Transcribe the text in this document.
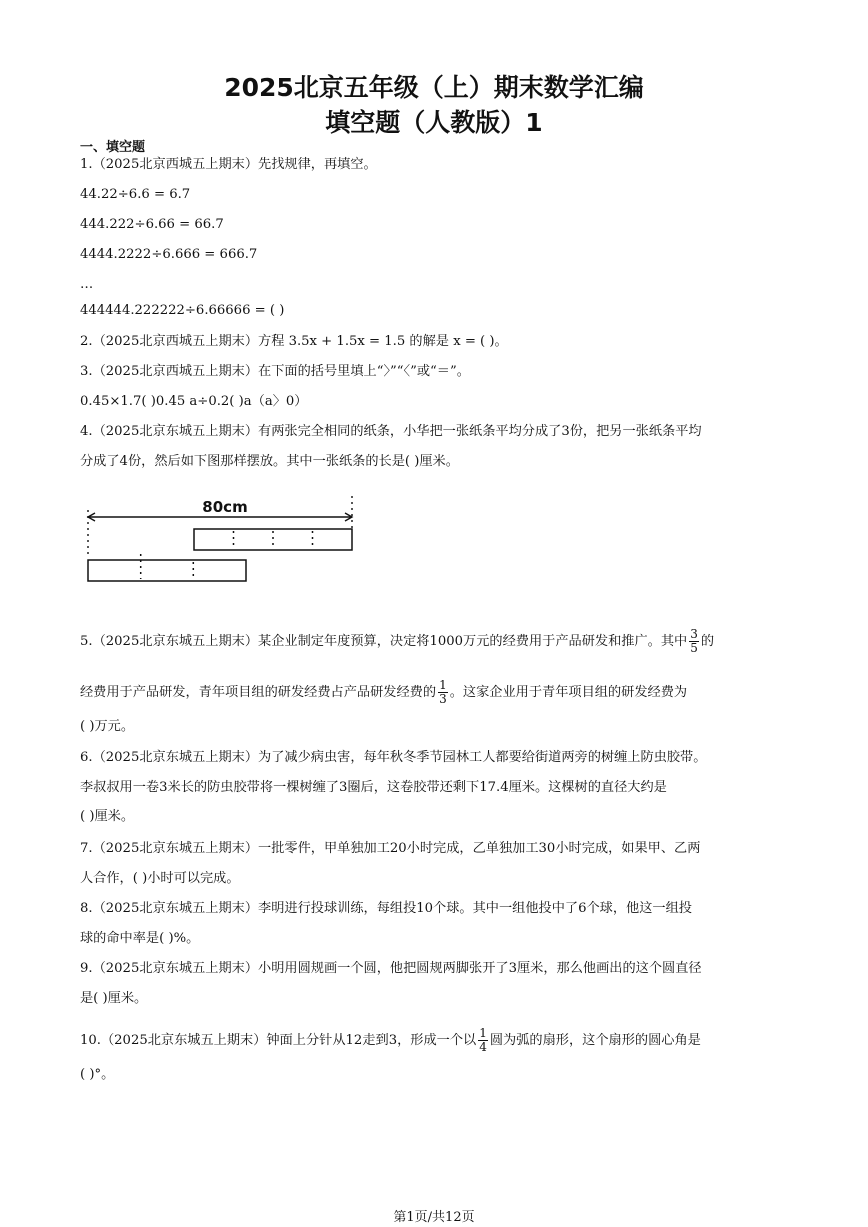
2025北京五年级（上）期末数学汇编
填空题（人教版）1
一、填空题
1.（2025北京西城五上期末）先找规律，再填空。
44.22÷6.6 = 6.7
444.222÷6.66 = 66.7
4444.2222÷6.666 = 666.7
…
444444.222222÷6.66666 = ( )
2.（2025北京西城五上期末）方程 3.5x + 1.5x = 1.5 的解是 x = ( )。
3.（2025北京西城五上期末）在下面的括号里填上“〉”“〈”或“＝”。
0.45×1.7( )0.45 a÷0.2( )a（a〉0）
4.（2025北京东城五上期末）有两张完全相同的纸条，小华把一张纸条平均分成了3份，把另一张纸条平均
分成了4份，然后如下图那样摆放。其中一张纸条的长是( )厘米。
80cm
5.（2025北京东城五上期末）某企业制定年度预算，决定将1000万元的经费用于产品研发和推广。其中 $\frac{3}{5}$ 的
经费用于产品研发，青年项目组的研发经费占产品研发经费的 $\frac{1}{3}$ 。这家企业用于青年项目组的研发经费为
( )万元。
6.（2025北京东城五上期末）为了减少病虫害，每年秋冬季节园林工人都要给街道两旁的树缠上防虫胶带。
李叔叔用一卷3米长的防虫胶带将一棵树缠了3圈后，这卷胶带还剩下17.4厘米。这棵树的直径大约是
( )厘米。
7.（2025北京东城五上期末）一批零件，甲单独加工20小时完成，乙单独加工30小时完成，如果甲、乙两
人合作，( )小时可以完成。
8.（2025北京东城五上期末）李明进行投球训练，每组投10个球。其中一组他投中了6个球，他这一组投
球的命中率是( )%。
9.（2025北京东城五上期末）小明用圆规画一个圆，他把圆规两脚张开了3厘米，那么他画出的这个圆直径
是( )厘米。
10.（2025北京东城五上期末）钟面上分针从12走到3，形成一个以 $\frac{1}{4}$ 圆为弧的扇形，这个扇形的圆心角是
( )°。
第1页/共12页
